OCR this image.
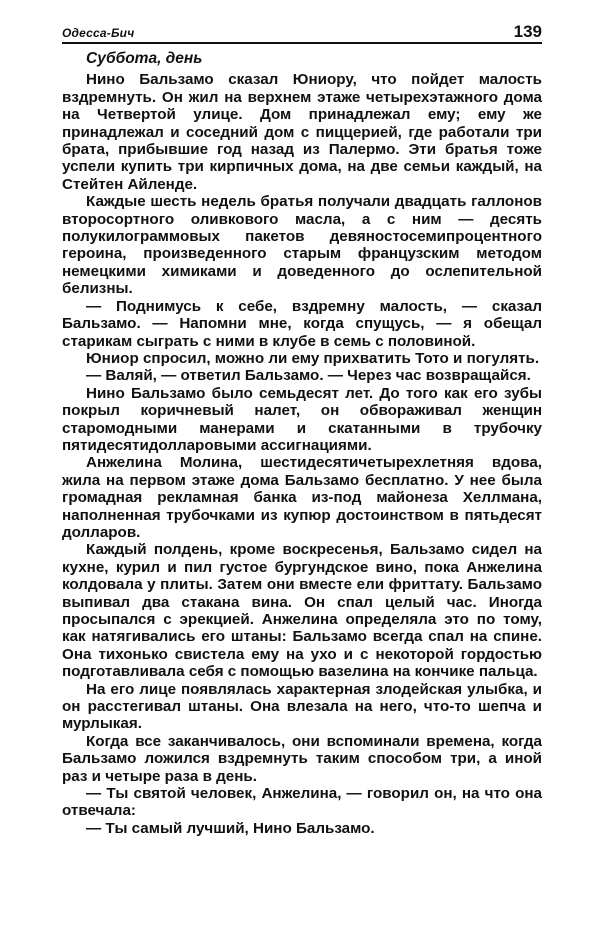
Одесса-Бич	139
Суббота, день

Нино Бальзамо сказал Юниору, что пойдет малость вздремнуть. Он жил на верхнем этаже четырехэтажного дома на Четвертой улице. Дом принадлежал ему; ему же принадлежал и соседний дом с пиццерией, где работали три брата, прибывшие год назад из Палермо. Эти братья тоже успели купить три кирпичных дома, на две семьи каждый, на Стейтен Айленде.

Каждые шесть недель братья получали двадцать галлонов второсортного оливкового масла, а с ним — десять полукилограммовых пакетов девяностосемипроцентного героина, произведенного старым французским методом немецкими химиками и доведенного до ослепительной белизны.

— Поднимусь к себе, вздремну малость, — сказал Бальзамо. — Напомни мне, когда спущусь, — я обещал старикам сыграть с ними в клубе в семь с половиной.

Юниор спросил, можно ли ему прихватить Тото и погулять.

— Валяй, — ответил Бальзамо. — Через час возвращайся.

Нино Бальзамо было семьдесят лет. До того как его зубы покрыл коричневый налет, он обвораживал женщин старомодными манерами и скатанными в трубочку пятидесятидолларовыми ассигнациями.

Анжелина Молина, шестидесятичетырехлетняя вдова, жила на первом этаже дома Бальзамо бесплатно. У нее была громадная рекламная банка из-под майонеза Хеллмана, наполненная трубочками из купюр достоинством в пятьдесят долларов.

Каждый полдень, кроме воскресенья, Бальзамо сидел на кухне, курил и пил густое бургундское вино, пока Анжелина колдовала у плиты. Затем они вместе ели фриттату. Бальзамо выпивал два стакана вина. Он спал целый час. Иногда просыпался с эрекцией. Анжелина определяла это по тому, как натягивались его штаны: Бальзамо всегда спал на спине. Она тихонько свистела ему на ухо и с некоторой гордостью подготавливала себя с помощью вазелина на кончике пальца.

На его лице появлялась характерная злодейская улыбка, и он расстегивал штаны. Она влезала на него, что-то шепча и мурлыкая.

Когда все заканчивалось, они вспоминали времена, когда Бальзамо ложился вздремнуть таким способом три, а иной раз и четыре раза в день.

— Ты святой человек, Анжелина, — говорил он, на что она отвечала:

— Ты самый лучший, Нино Бальзамо.
